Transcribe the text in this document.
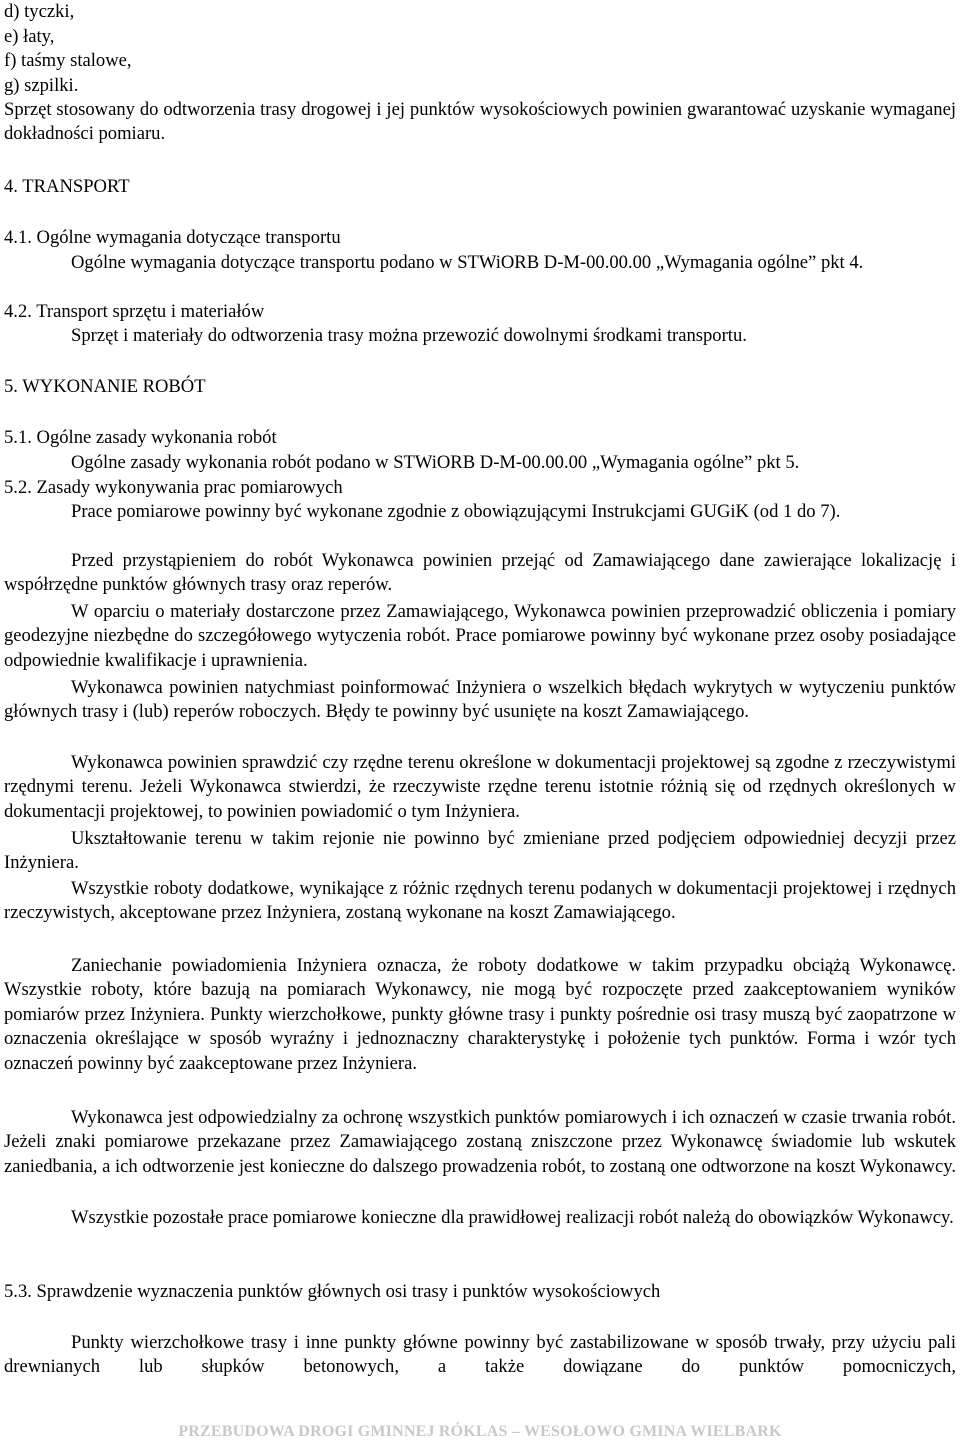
d) tyczki,
e) łaty,
f) taśmy stalowe,
g) szpilki.

Sprzęt stosowany do odtworzenia trasy drogowej i jej punktów wysokościowych powinien gwarantować uzyskanie wymaganej dokładności pomiaru.

4. TRANSPORT
4.1. Ogólne wymagania dotyczące transportu

Ogólne wymagania dotyczące transportu podano w STWiORB D-M-00.00.00 „Wymagania ogólne” pkt 4.

4.2. Transport sprzętu i materiałów

Sprzęt i materiały do odtworzenia trasy można przewozić dowolnymi środkami transportu.

5. WYKONANIE ROBÓT
5.1. Ogólne zasady wykonania robót

Ogólne zasady wykonania robót podano w STWiORB D-M-00.00.00 „Wymagania ogólne” pkt 5.

5.2. Zasady wykonywania prac pomiarowych

Prace pomiarowe powinny być wykonane zgodnie z obowiązującymi Instrukcjami GUGiK (od 1 do 7).

Przed przystąpieniem do robót Wykonawca powinien przejąć od Zamawiającego dane zawierające lokalizację i współrzędne punktów głównych trasy oraz reperów.

W oparciu o materiały dostarczone przez Zamawiającego, Wykonawca powinien przeprowadzić obliczenia i pomiary geodezyjne niezbędne do szczegółowego wytyczenia robót. Prace pomiarowe powinny być wykonane przez osoby posiadające odpowiednie kwalifikacje i uprawnienia.

Wykonawca powinien natychmiast poinformować Inżyniera o wszelkich błędach wykrytych w wytyczeniu punktów głównych trasy i (lub) reperów roboczych. Błędy te powinny być usunięte na koszt Zamawiającego.

Wykonawca powinien sprawdzić czy rzędne terenu określone w dokumentacji projektowej są zgodne z rzeczywistymi rzędnymi terenu. Jeżeli Wykonawca stwierdzi, że rzeczywiste rzędne terenu istotnie różnią się od rzędnych określonych w dokumentacji projektowej, to powinien powiadomić o tym Inżyniera.

Ukształtowanie terenu w takim rejonie nie powinno być zmieniane przed podjęciem odpowiedniej decyzji przez Inżyniera.

Wszystkie roboty dodatkowe, wynikające z różnic rzędnych terenu podanych w dokumentacji projektowej i rzędnych rzeczywistych, akceptowane przez Inżyniera, zostaną wykonane na koszt Zamawiającego.

Zaniechanie powiadomienia Inżyniera oznacza, że roboty dodatkowe w takim przypadku obciążą Wykonawcę. Wszystkie roboty, które bazują na pomiarach Wykonawcy, nie mogą być rozpoczęte przed zaakceptowaniem wyników pomiarów przez Inżyniera. Punkty wierzchołkowe, punkty główne trasy i punkty pośrednie osi trasy muszą być zaopatrzone w oznaczenia określające w sposób wyraźny i jednoznaczny charakterystykę i położenie tych punktów. Forma i wzór tych oznaczeń powinny być zaakceptowane przez Inżyniera.

Wykonawca jest odpowiedzialny za ochronę wszystkich punktów pomiarowych i ich oznaczeń w czasie trwania robót. Jeżeli znaki pomiarowe przekazane przez Zamawiającego zostaną zniszczone przez Wykonawcę świadomie lub wskutek zaniedbania, a ich odtworzenie jest konieczne do dalszego prowadzenia robót, to zostaną one odtworzone na koszt Wykonawcy.

Wszystkie pozostałe prace pomiarowe konieczne dla prawidłowej realizacji robót należą do obowiązków Wykonawcy.

5.3. Sprawdzenie wyznaczenia punktów głównych osi trasy i punktów wysokościowych

Punkty wierzchołkowe trasy i inne punkty główne powinny być zastabilizowane w sposób trwały, przy użyciu pali drewnianych lub słupków betonowych, a także dowiązane do punktów pomocniczych,

PRZEBUDOWA DROGI GMINNEJ RÓKLAS – WESOŁOWO GMINA WIELBARK
